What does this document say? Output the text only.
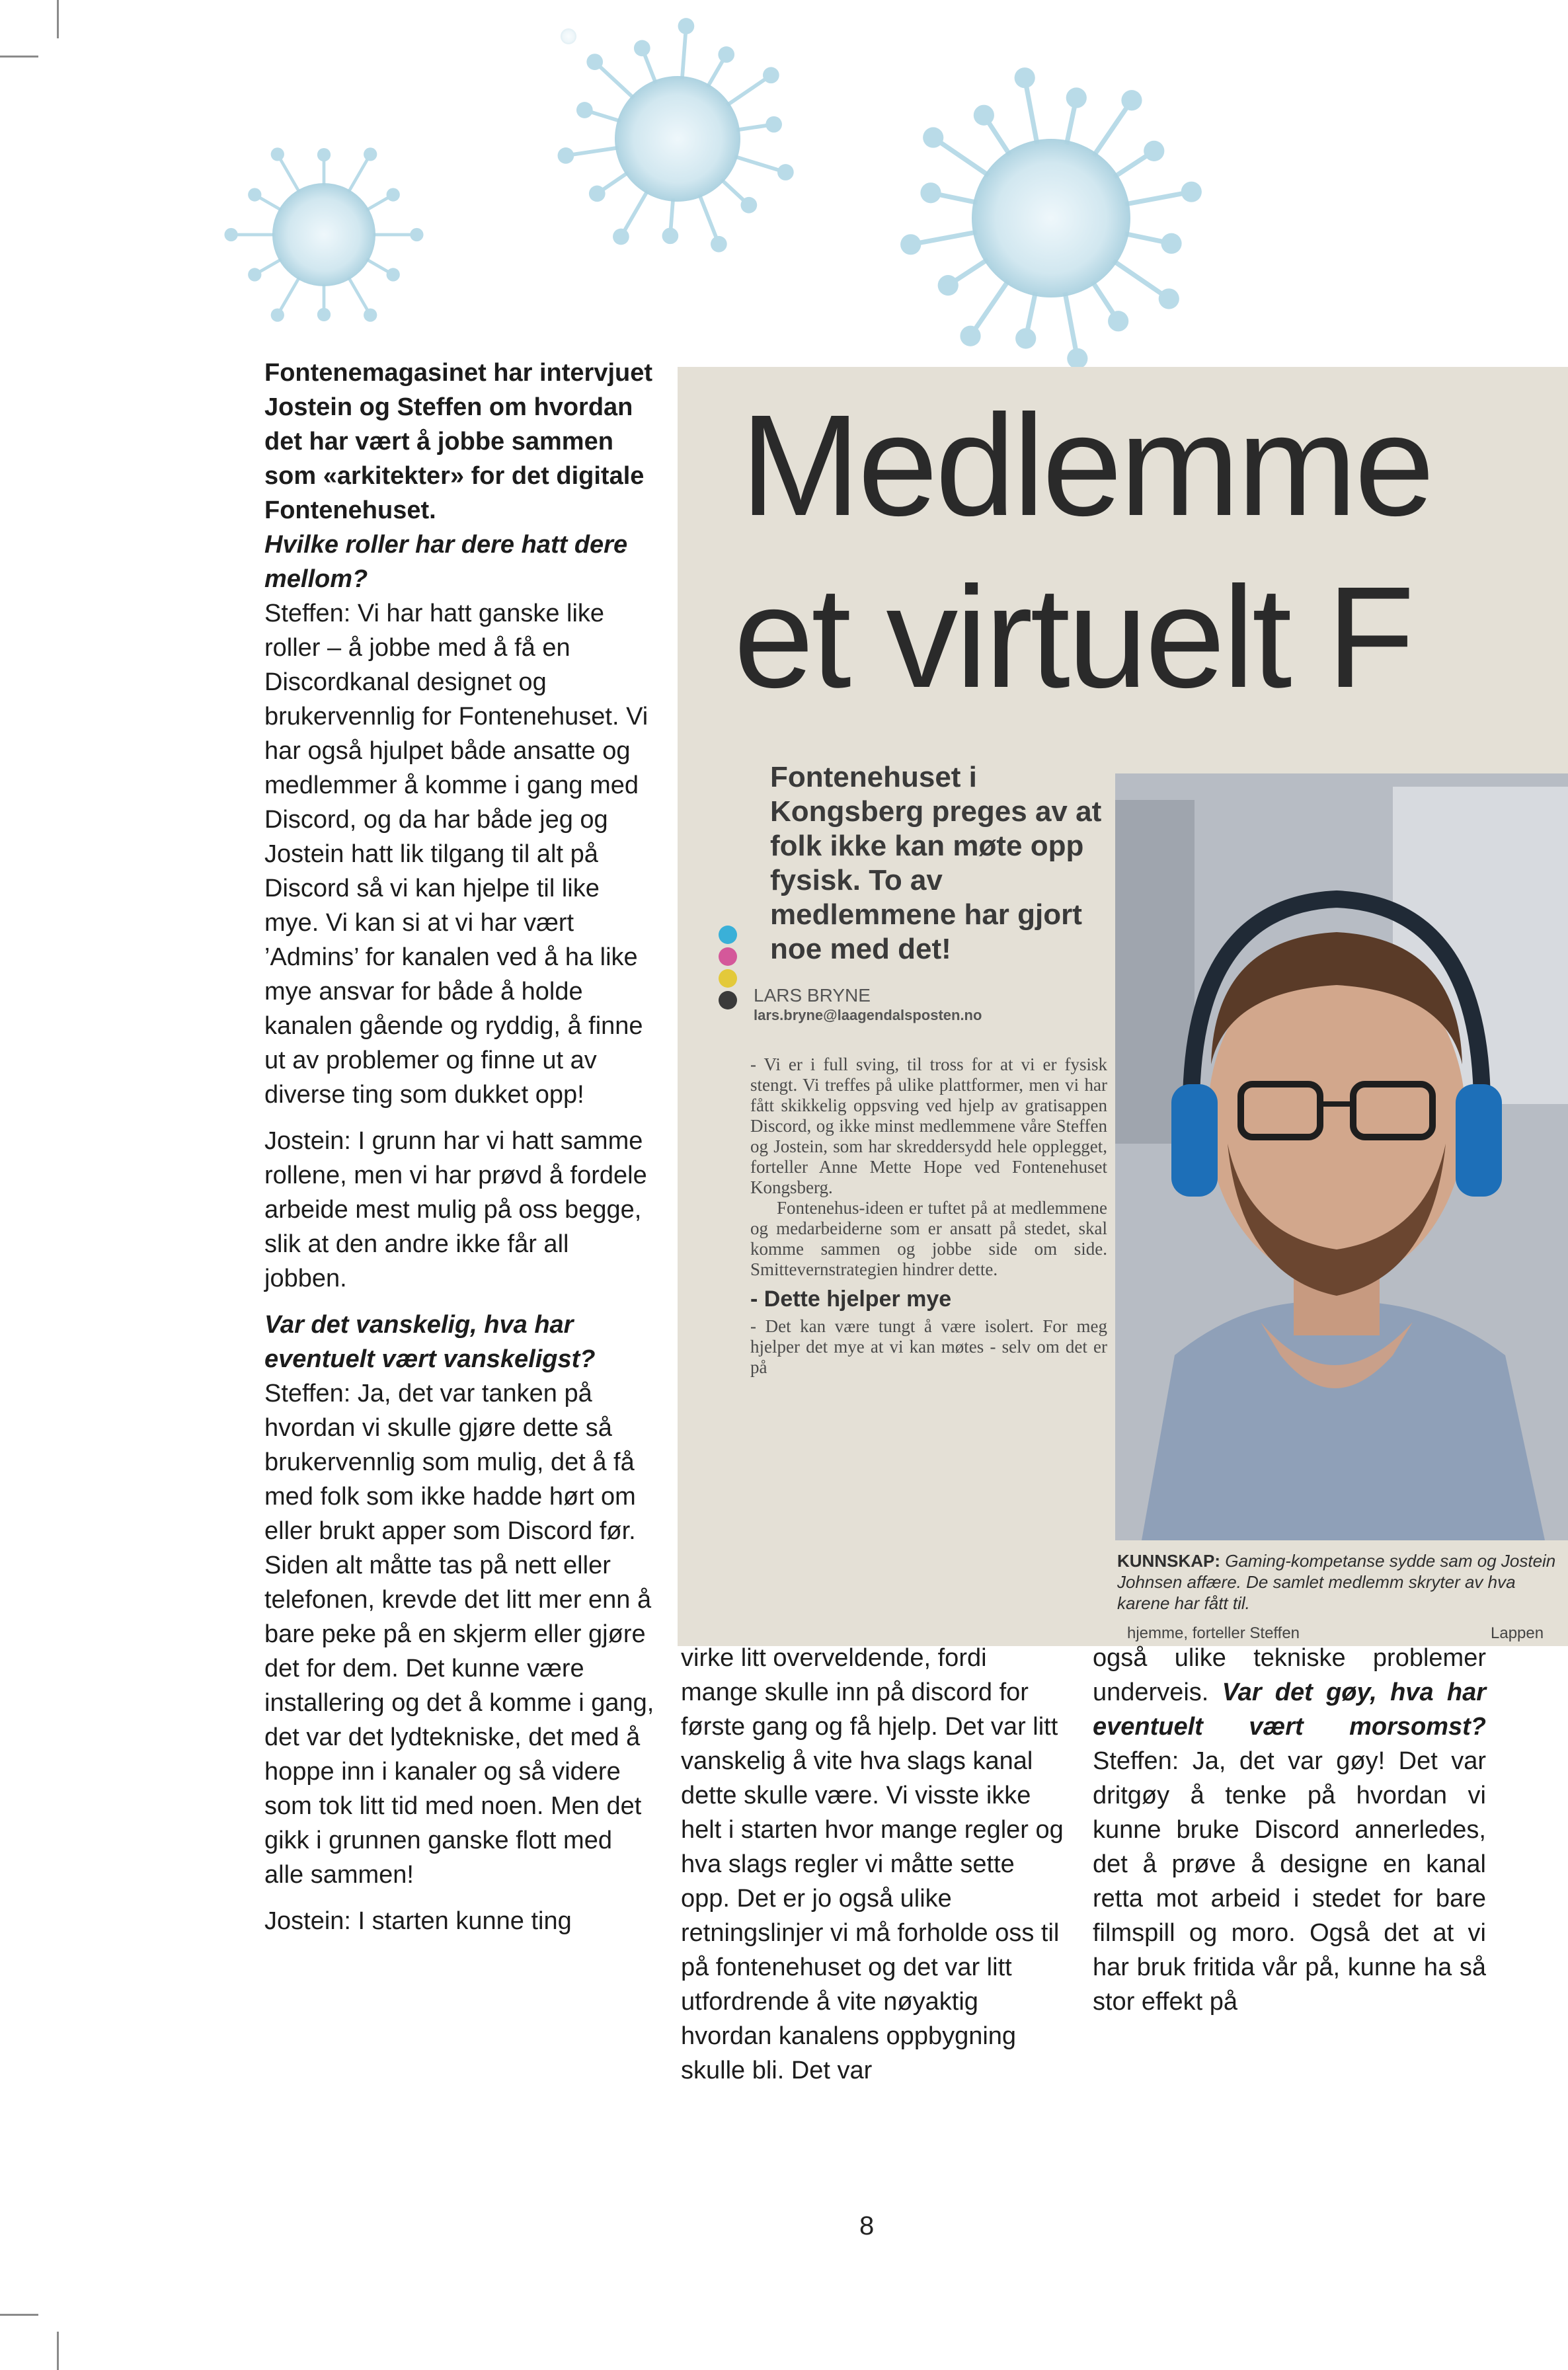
Fontenemagasinet har intervjuet Jostein og Steffen om hvordan det har vært å jobbe sammen som «arkitekter» for det digitale Fontenehuset.

Hvilke roller har dere hatt dere mellom?

Steffen: Vi har hatt ganske like roller – å jobbe med å få en Discordkanal designet og brukervennlig for Fontenehuset. Vi har også hjulpet både ansatte og medlemmer å komme i gang med Discord, og da har både jeg og Jostein hatt lik tilgang til alt på Discord så vi kan hjelpe til like mye. Vi kan si at vi har vært ’Admins’ for kanalen ved å ha like mye ansvar for både å holde kanalen gående og ryddig, å finne ut av problemer og finne ut av diverse ting som dukket opp!

Jostein: I grunn har vi hatt samme rollene, men vi har prøvd å fordele arbeide mest mulig på oss begge, slik at den andre ikke får all jobben.

Var det vanskelig, hva har eventuelt vært vanskeligst?

Steffen: Ja, det var tanken på hvordan vi skulle gjøre dette så brukervennlig som mulig, det å få med folk som ikke hadde hørt om eller brukt apper som Discord før. Siden alt måtte tas på nett eller telefonen, krevde det litt mer enn å bare peke på en skjerm eller gjøre det for dem. Det kunne være installering og det å komme i gang, det var det lydtekniske, det med å hoppe inn i kanaler og så videre som tok litt tid med noen. Men det gikk i grunnen ganske flott med alle sammen!

Jostein: I starten kunne ting

Medlemme
et virtuelt F
Fontenehuset i Kongsberg preges av at folk ikke kan møte opp fysisk. To av medlemmene har gjort noe med det!
LARS BRYNE
lars.bryne@laagendalsposten.no
- Vi er i full sving, til tross for at vi er fysisk stengt. Vi treffes på ulike plattformer, men vi har fått skikkelig oppsving ved hjelp av gratisappen Discord, og ikke minst medlemmene våre Steffen og Jostein, som har skreddersydd hele opplegget, forteller Anne Mette Hope ved Fontenehuset Kongsberg.
Fontenehus-ideen er tuftet på at medlemmene og medarbeiderne som er ansatt på stedet, skal komme sammen og jobbe side om side. Smittevernstrategien hindrer dette.
- Dette hjelper mye
- Det kan være tungt å være isolert. For meg hjelper det mye at vi kan møtes - selv om det er på
KUNNSKAP: Gaming-kompetanse sydde sam og Jostein Johnsen affære. De samlet medlemm skryter av hva karene har fått til.
hjemme, forteller Steffen	Lappen

virke litt overveldende, fordi mange skulle inn på discord for første gang og få hjelp. Det var litt vanskelig å vite hva slags kanal dette skulle være. Vi visste ikke helt i starten hvor mange regler og hva slags regler vi måtte sette opp. Det er jo også ulike retningslinjer vi må forholde oss til på fontenehuset og det var litt utfordrende å vite nøyaktig hvordan kanalens oppbygning skulle bli. Det var

også ulike tekniske problemer underveis. Var det gøy, hva har eventuelt vært morsomst? Steffen: Ja, det var gøy! Det var dritgøy å tenke på hvordan vi kunne bruke Discord annerledes, det å prøve å designe en kanal retta mot arbeid i stedet for bare filmspill og moro. Også det at vi har bruk fritida vår på, kunne ha så stor effekt på

8
